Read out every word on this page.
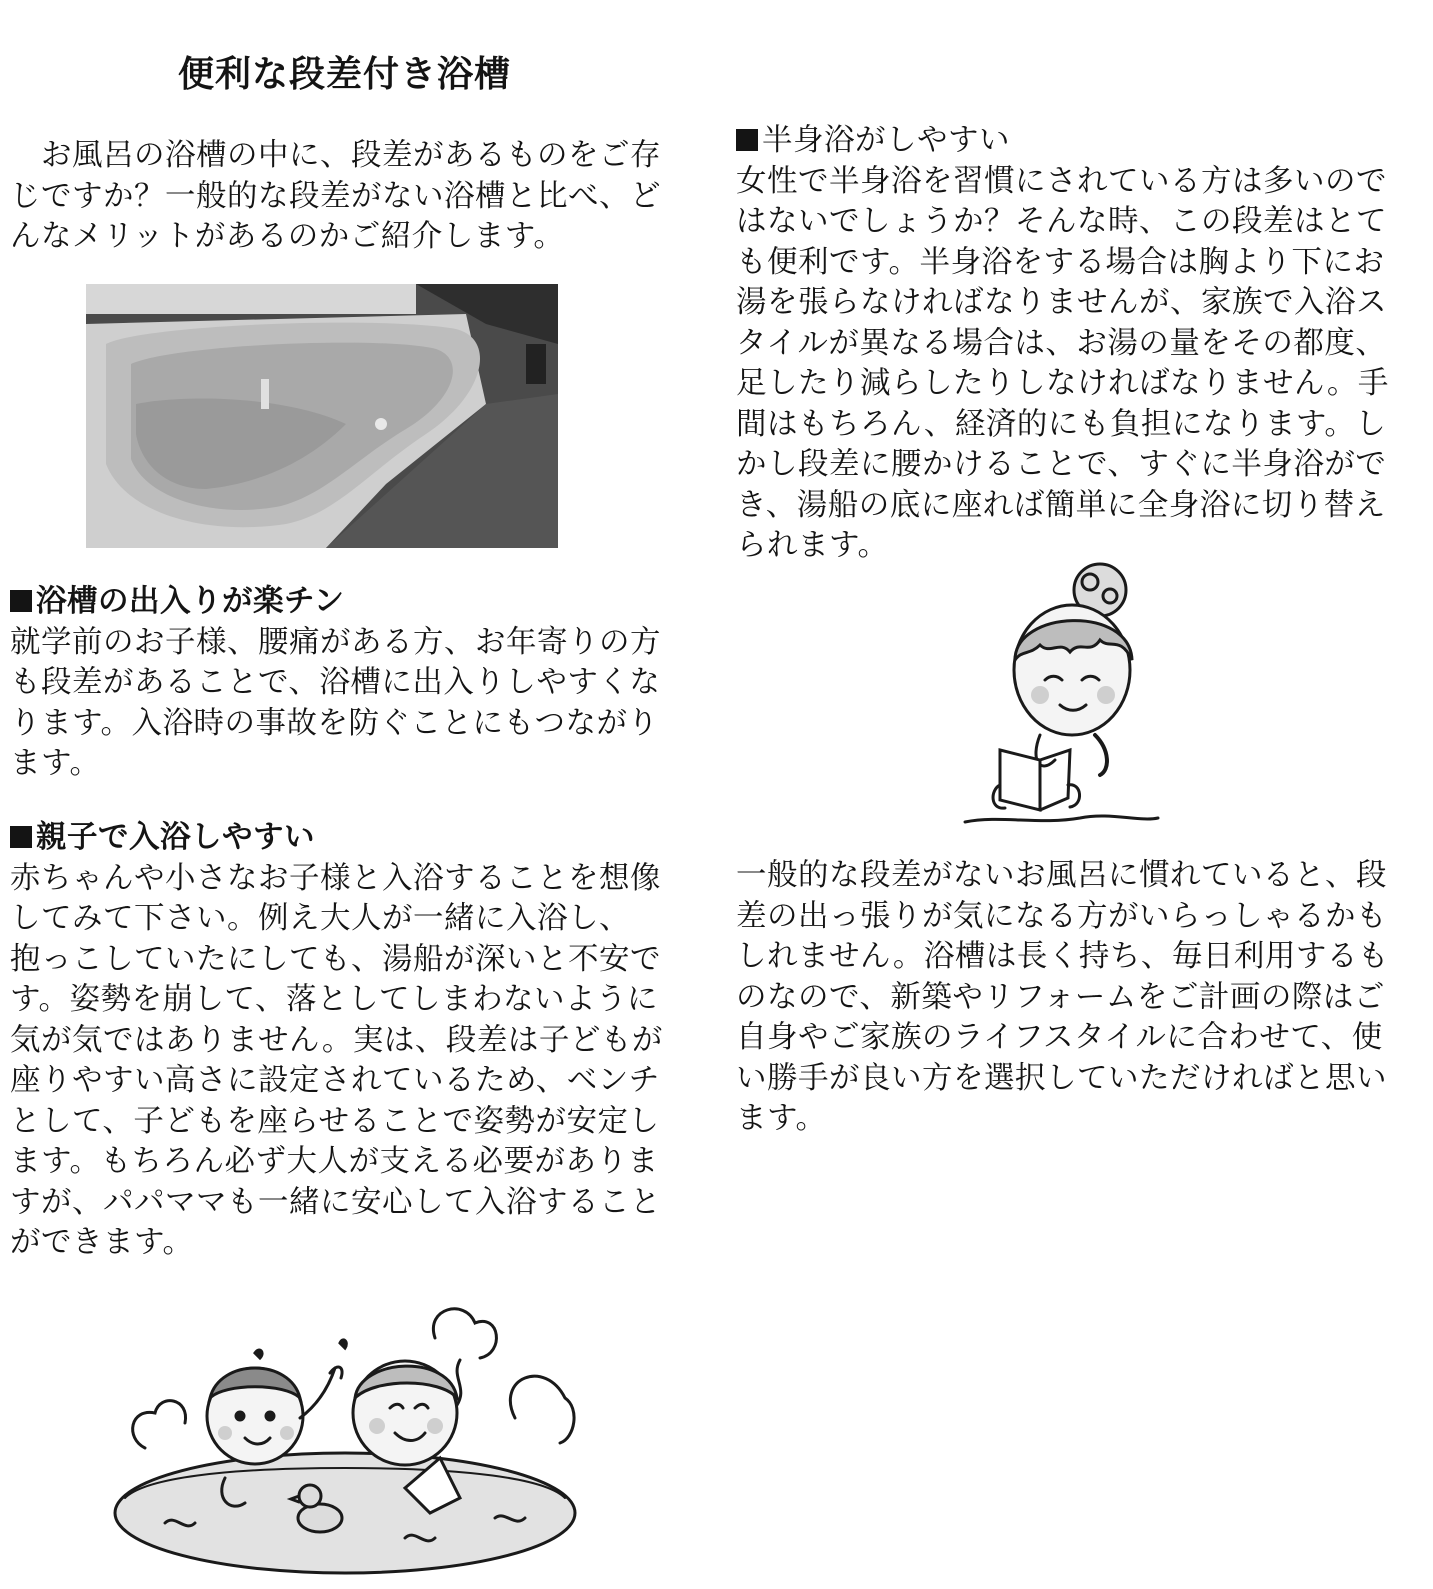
便利な段差付き浴槽

　お風呂の浴槽の中に、段差があるものをご存

じですか？一般的な段差がない浴槽と比べ、ど

んなメリットがあるのかご紹介します。

浴槽の出入りが楽チン

就学前のお子様、腰痛がある方、お年寄りの方

も段差があることで、浴槽に出入りしやすくな

ります。入浴時の事故を防ぐことにもつながり

ます。

親子で入浴しやすい

赤ちゃんや小さなお子様と入浴することを想像

してみて下さい。例え大人が一緒に入浴し、

抱っこしていたにしても、湯船が深いと不安で

す。姿勢を崩して、落としてしまわないように

気が気ではありません。実は、段差は子どもが

座りやすい高さに設定されているため、ベンチ

として、子どもを座らせることで姿勢が安定し

ます。もちろん必ず大人が支える必要がありま

すが、パパママも一緒に安心して入浴すること

ができます。

半身浴がしやすい

女性で半身浴を習慣にされている方は多いので

はないでしょうか？そんな時、この段差はとて

も便利です。半身浴をする場合は胸より下にお

湯を張らなければなりませんが、家族で入浴ス

タイルが異なる場合は、お湯の量をその都度、

足したり減らしたりしなければなりません。手

間はもちろん、経済的にも負担になります。し

かし段差に腰かけることで、すぐに半身浴がで

き、湯船の底に座れば簡単に全身浴に切り替え

られます。

一般的な段差がないお風呂に慣れていると、段

差の出っ張りが気になる方がいらっしゃるかも

しれません。浴槽は長く持ち、毎日利用するも

のなので、新築やリフォームをご計画の際はご

自身やご家族のライフスタイルに合わせて、使

い勝手が良い方を選択していただければと思い

ます。
